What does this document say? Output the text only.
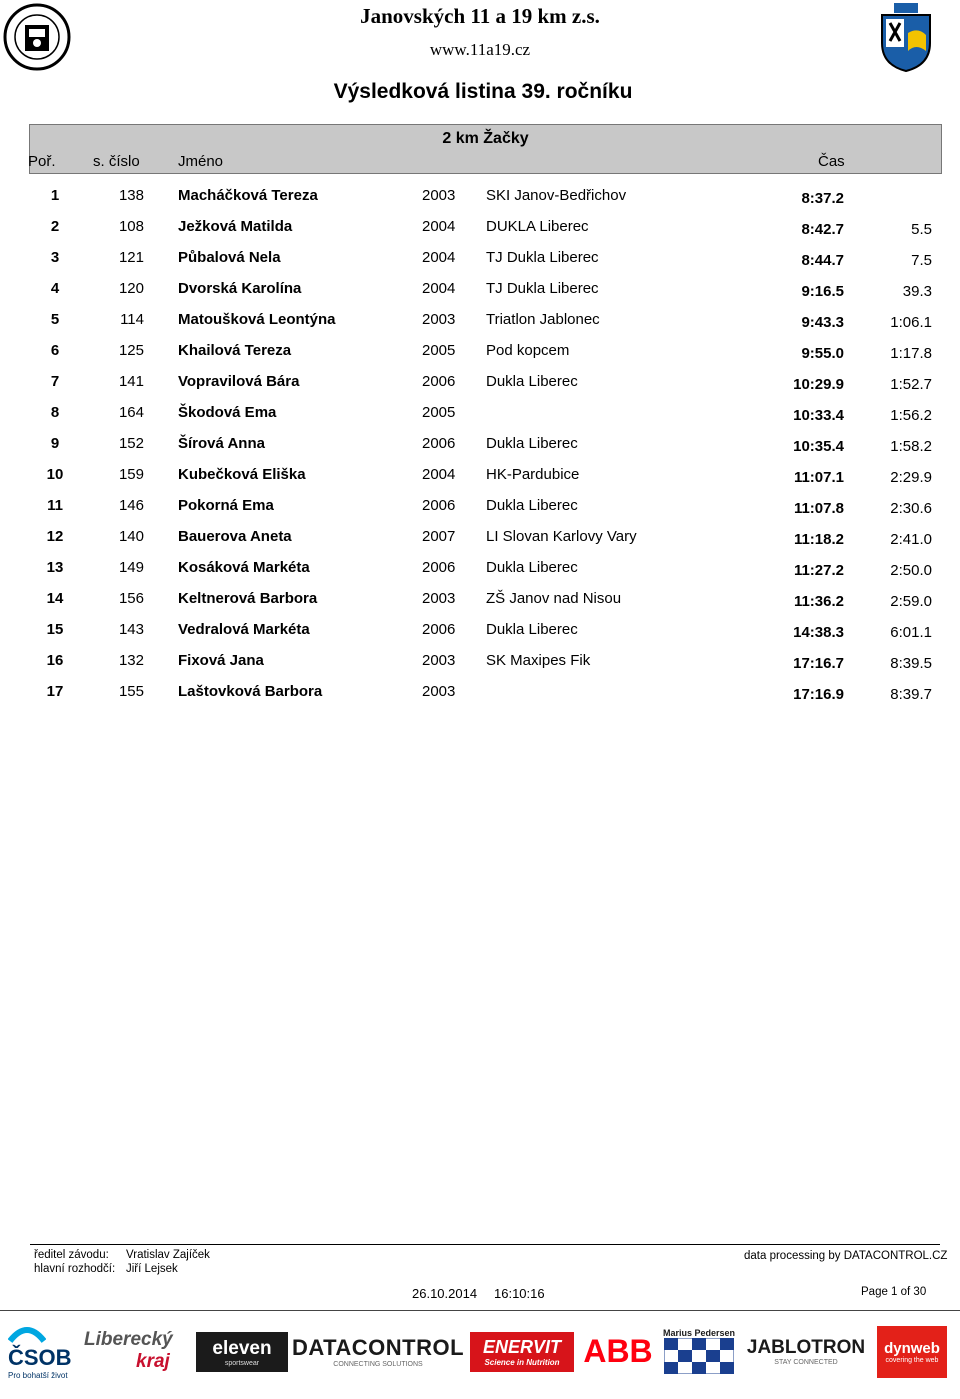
Janovských 11 a 19 km z.s.
www.11a19.cz
Výsledková listina 39. ročníku
2 km Žačky
Poř. s. číslo	Jméno	Čas
1	138 Macháčková Tereza	2003 SKI Janov-Bedřichov	8:37.2
2	108 Ježková Matilda	2004 DUKLA Liberec	8:42.7	5.5
3	121 Půbalová Nela	2004 TJ Dukla Liberec	8:44.7	7.5
4	120 Dvorská Karolína	2004 TJ Dukla Liberec	9:16.5	39.3
5	114 Matoušková Leontýna	2003 Triatlon Jablonec	9:43.3	1:06.1
6	125 Khailová Tereza	2005 Pod kopcem	9:55.0	1:17.8
7	141 Vopravilová Bára	2006 Dukla Liberec	10:29.9	1:52.7
8	164 Škodová Ema	2005	10:33.4	1:56.2
9	152 Šírová Anna	2006 Dukla Liberec	10:35.4	1:58.2
10	159 Kubečková Eliška	2004 HK-Pardubice	11:07.1	2:29.9
11	146 Pokorná Ema	2006 Dukla Liberec	11:07.8	2:30.6
12	140 Bauerova Aneta	2007 LI Slovan Karlovy Vary	11:18.2	2:41.0
13	149 Kosáková Markéta	2006 Dukla Liberec	11:27.2	2:50.0
14	156 Keltnerová Barbora	2003 ZŠ Janov nad Nisou	11:36.2	2:59.0
15	143 Vedralová Markéta	2006 Dukla Liberec	14:38.3	6:01.1
16	132 Fixová Jana	2003 SK Maxipes Fik	17:16.7	8:39.5
17	155 Laštovková Barbora	2003	17:16.9	8:39.7
ředitel závodu: Vratislav Zajíček
hlavní rozhodčí: Jiří Lejsek
data processing by DATACONTROL.CZ
26.10.2014 16:10:16	Page 1 of 30
ČSOB
Pro bohatší život
Liberecký
kraj
eleven
sportswear
DATACONTROL
CONNECTING SOLUTIONS
ENERVIT
Science in Nutrition ABB	Marius Pedersen
JABLOTRON
STAY CONNECTED
dynweb
covering the web
